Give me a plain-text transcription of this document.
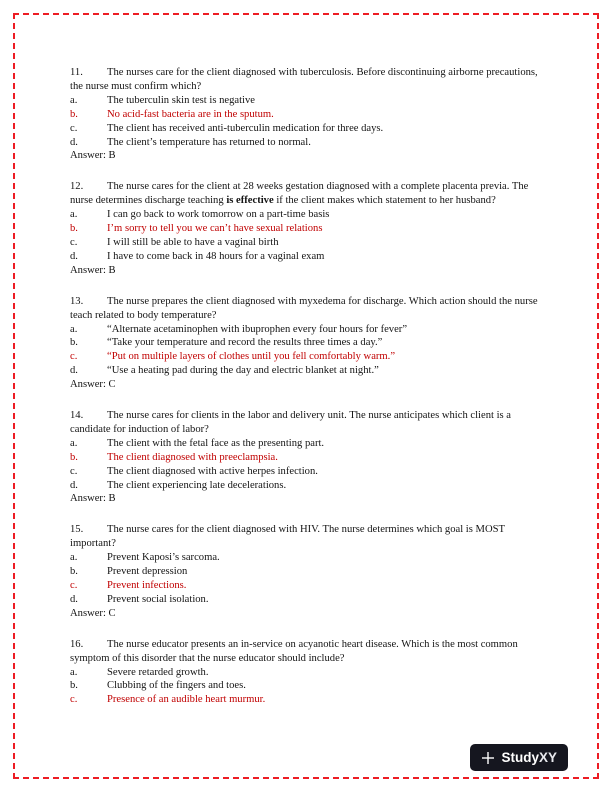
11. The nurses care for the client diagnosed with tuberculosis. Before discontinuing airborne precautions, the nurse must confirm which?

a.	The tuberculin skin test is negative

b.	No acid-fast bacteria are in the sputum.

c.	The client has received anti-tuberculin medication for three days.

d.	The client’s temperature has returned to normal.

Answer: B

12. The nurse cares for the client at 28 weeks gestation diagnosed with a complete placenta previa. The nurse determines discharge teaching is effective if the client makes which statement to her husband?

a.	I can go back to work tomorrow on a part-time basis

b.	I’m sorry to tell you we can’t have sexual relations

c.	I will still be able to have a vaginal birth

d.	I have to come back in 48 hours for a vaginal exam

Answer: B

13. The nurse prepares the client diagnosed with myxedema for discharge. Which action should the nurse teach related to body temperature?

a.	“Alternate acetaminophen with ibuprophen every four hours for fever”

b.	“Take your temperature and record the results three times a day.”

c.	“Put on multiple layers of clothes until you fell comfortably warm.”

d.	“Use a heating pad during the day and electric blanket at night.”

Answer: C

14. The nurse cares for clients in the labor and delivery unit. The nurse anticipates which client is a candidate for induction of labor?

a.	The client with the fetal face as the presenting part.

b.	The client diagnosed with preeclampsia.

c.	The client diagnosed with active herpes infection.

d.	The client experiencing late decelerations.

Answer: B

15. The nurse cares for the client diagnosed with HIV. The nurse determines which goal is MOST important?

a.	Prevent Kaposi’s sarcoma.

b.	Prevent depression

c.	Prevent infections.

d.	Prevent social isolation.

Answer: C

16. The nurse educator presents an in-service on acyanotic heart disease. Which is the most common symptom of this disorder that the nurse educator should include?

a.	Severe retarded growth.

b.	Clubbing of the fingers and toes.

c.	Presence of an audible heart murmur.

StudyXY
